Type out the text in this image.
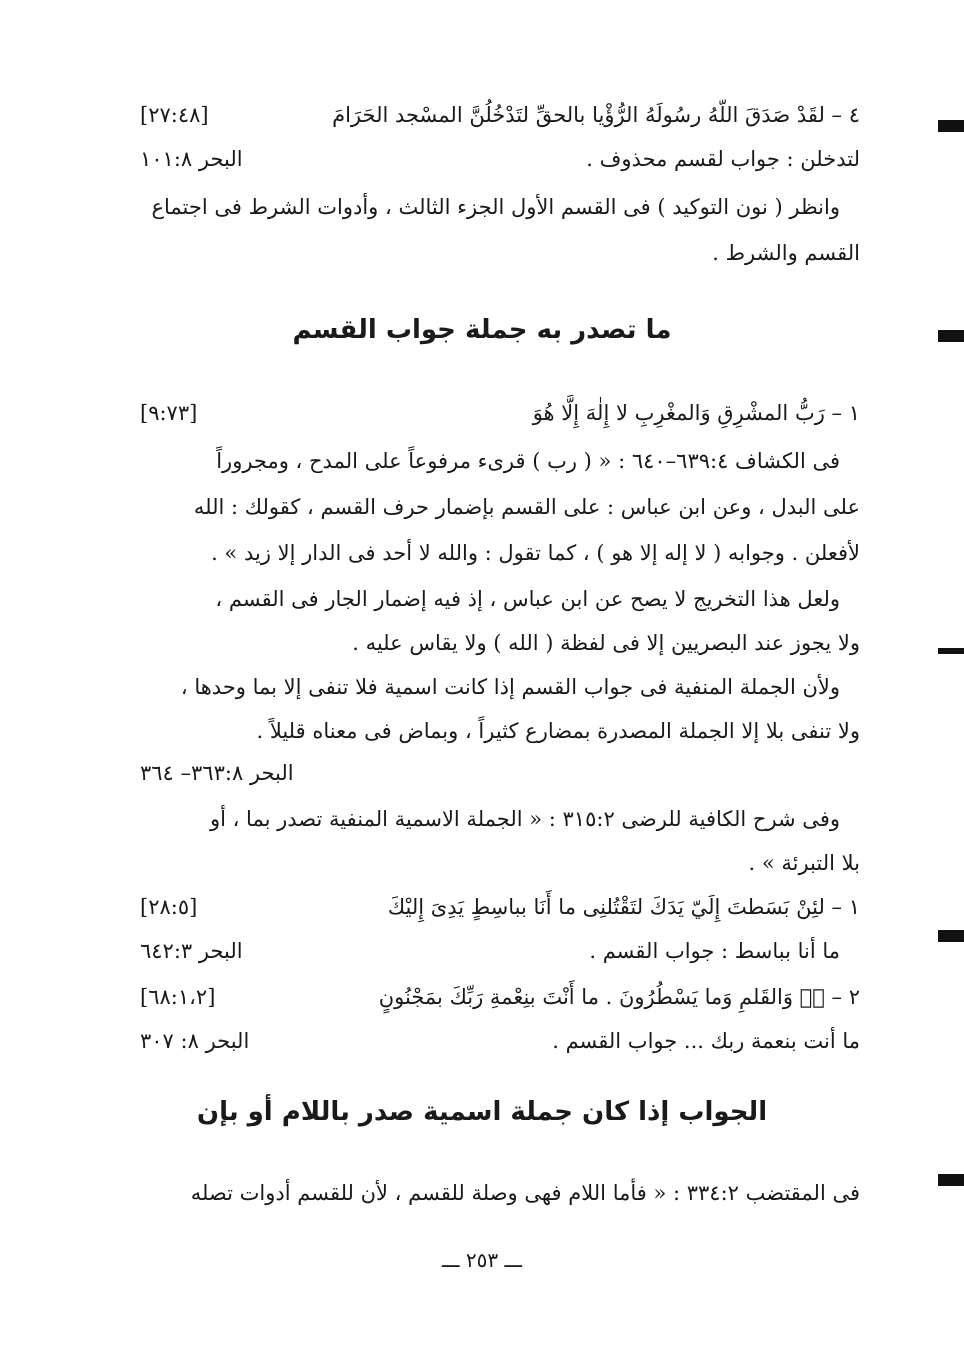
٤ – لقَدْ صَدَقَ اللّهُ رسُولَهُ الرُّؤْيا بالحقِّ لتَدْخُلُنَّ المسْجد الحَرَامَ
[٢٧:٤٨]
لتدخلن : جواب لقسم محذوف .
البحر ١٠١:٨
وانظر ( نون التوكيد ) فى القسم الأول الجزء الثالث ، وأدوات الشرط فى اجتماع
القسم والشرط .
ما تصدر به جملة جواب القسم
١ – رَبُّ المشْرِقِ وَالمغْرِبِ لا إِلٰهَ إِلَّا هُوَ
[٩:٧٣]
فى الكشاف ٦٣٩:٤–٦٤٠ : « ( رب ) قرىء مرفوعاً على المدح ، ومجروراً
على البدل ، وعن ابن عباس : على القسم بإضمار حرف القسم ، كقولك : الله
لأفعلن . وجوابه ( لا إله إلا هو ) ، كما تقول : والله لا أحد فى الدار إلا زيد » .
ولعل هذا التخريج لا يصح عن ابن عباس ، إذ فيه إضمار الجار فى القسم ،
ولا يجوز عند البصريين إلا فى لفظة ( الله ) ولا يقاس عليه .
ولأن الجملة المنفية فى جواب القسم إذا كانت اسمية فلا تنفى إلا بما وحدها ،
ولا تنفى بلا إلا الجملة المصدرة بمضارع كثيراً ، وبماض فى معناه قليلاً .
البحر ٣٦٣:٨– ٣٦٤
وفى شرح الكافية للرضى ٣١٥:٢ : « الجملة الاسمية المنفية تصدر بما ، أو
بلا التبرئة » .
١ – لئِنْ بَسَطتَ إِلَيّ يَدَكَ لتَقْتُلنِى ما أَنَا بباسِطٍ يَدِىَ إِليْكَ
[٢٨:٥]
ما أنا بباسط : جواب القسم .
البحر ٦٤٢:٣
٢ – نۤ وَالقَلمِ وَما يَسْطُرُونَ . ما أَنْتَ بنِعْمةِ رَبِّكَ بمَجْنُونٍ
[٦٨:١،٢]
ما أنت بنعمة ربك ... جواب القسم .
البحر ٨: ٣٠٧
الجواب إذا كان جملة اسمية صدر باللام أو بإن
فى المقتضب ٣٣٤:٢ : « فأما اللام فهى وصلة للقسم ، لأن للقسم أدوات تصله
ـــ ٢٥٣ ـــ
